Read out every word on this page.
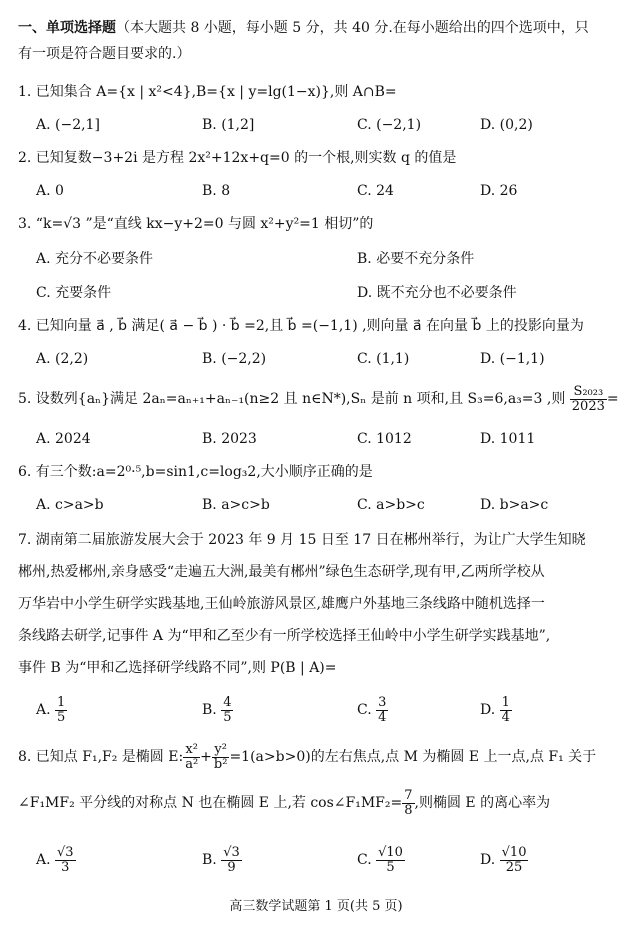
一、单项选择题（本大题共 8 小题，每小题 5 分，共 40 分.在每小题给出的四个选项中，只
有一项是符合题目要求的.）
1. 已知集合 A={x | x²<4},B={x | y=lg(1−x)},则 A∩B=
A. (−2,1]	B. (1,2]	C. (−2,1)	D. (0,2)
2. 已知复数−3+2i 是方程 2x²+12x+q=0 的一个根,则实数 q 的值是
A. 0	B. 8	C. 24	D. 26
3. “k=√3 ”是“直线 kx−y+2=0 与圆 x²+y²=1 相切”的
A. 充分不必要条件	B. 必要不充分条件
C. 充要条件	D. 既不充分也不必要条件
4. 已知向量 a⃗ , b⃗ 满足( a⃗ − b⃗ ) · b⃗ =2,且 b⃗ =(−1,1) ,则向量 a⃗ 在向量 b⃗ 上的投影向量为
A. (2,2)	B. (−2,2)	C. (1,1)	D. (−1,1)
5. 设数列{aₙ}满足 2aₙ=aₙ₊₁+aₙ₋₁(n≥2 且 n∈N*),Sₙ 是前 n 项和,且 S₃=6,a₃=3 ,则 $\frac{\text{S₂₀₂₃}}{2023}$ =
A. 2024	B. 2023	C. 1012	D. 1011
6. 有三个数:a=2⁰·⁵,b=sin1,c=log₃2,大小顺序正确的是
A. c>a>b	B. a>c>b	C. a>b>c	D. b>a>c
7. 湖南第二届旅游发展大会于 2023 年 9 月 15 日至 17 日在郴州举行，为让广大学生知晓
郴州,热爱郴州,亲身感受“走遍五大洲,最美有郴州”绿色生态研学,现有甲,乙两所学校从
万华岩中小学生研学实践基地,王仙岭旅游风景区,雄鹰户外基地三条线路中随机选择一
条线路去研学,记事件 A 为“甲和乙至少有一所学校选择王仙岭中小学生研学实践基地”,
事件 B 为“甲和乙选择研学线路不同”,则 P(B | A)=
A. $\frac{1}{5}$	B. $\frac{4}{5}$	C. $\frac{3}{4}$	D. $\frac{1}{4}$
8. 已知点 F₁,F₂ 是椭圆 E: $\frac{\text{x²}}{\text{a²}} + \frac{\text{y²}}{\text{b²}} =1(a>b>0)$的左右焦点,点 M 为椭圆 E 上一点,点 F₁ 关于
∠F₁MF₂ 平分线的对称点 N 也在椭圆 E 上,若 cos∠F₁MF₂= $\frac{7}{8}$ ,则椭圆 E 的离心率为
A. $\frac{√3}{3}$	B. $\frac{√3}{9}$	C. $\frac{√10}{5}$	D. $\frac{√10}{25}$
高三数学试题第 1 页(共 5 页)
